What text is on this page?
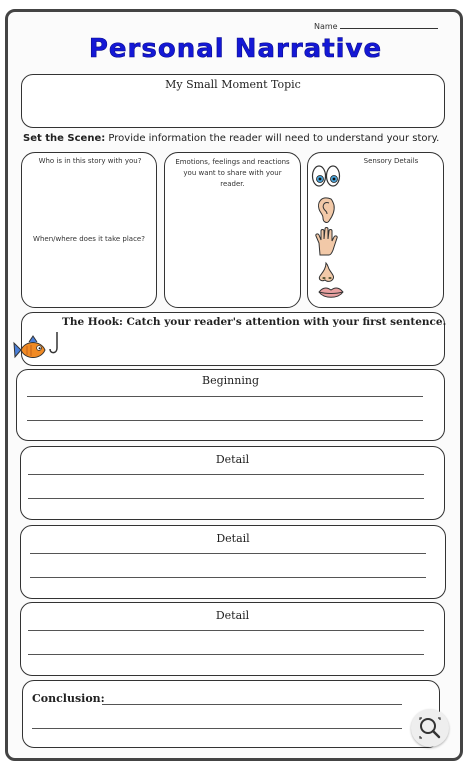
Name
Personal Narrative
My Small Moment Topic
Set the Scene: Provide information the reader will need to understand your story.
Who is in this story with you?
When/where does it take place?
Emotions, feelings and reactions you want to share with your reader.
Sensory Details
The Hook: Catch your reader's attention with your first sentence.
Beginning
Detail
Detail
Detail
Conclusion:
